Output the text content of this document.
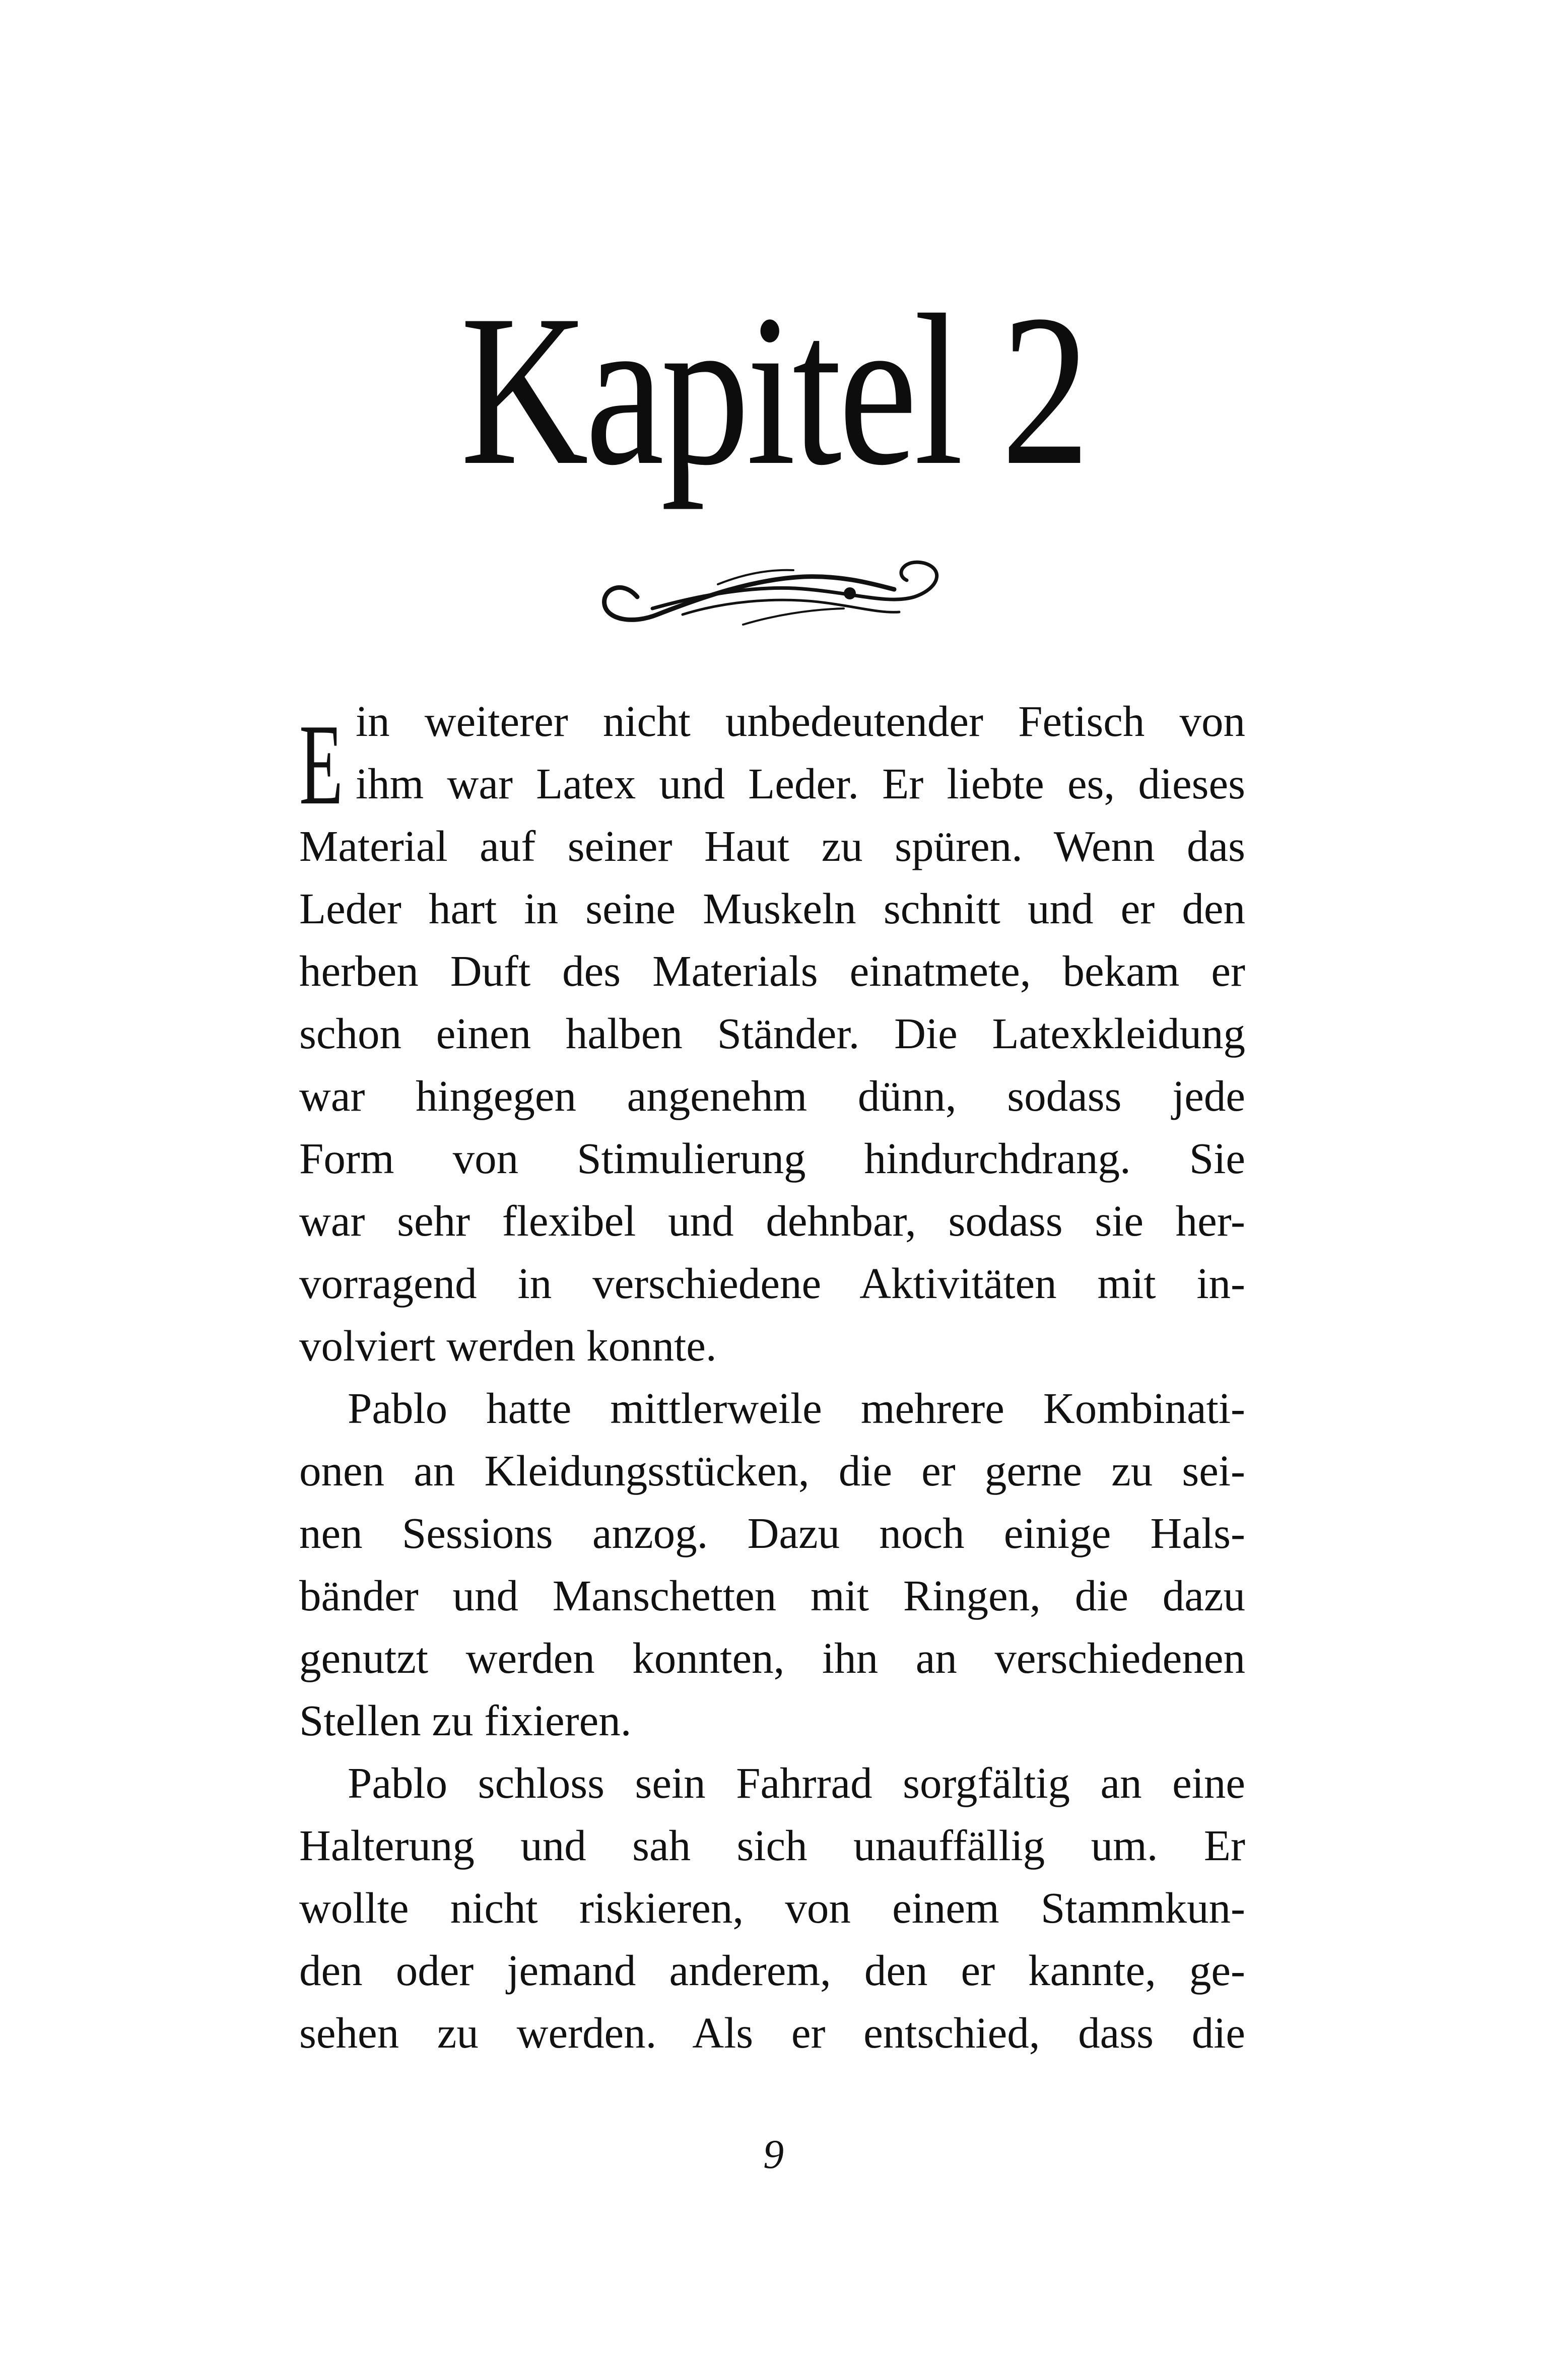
Kapitel 2
E in weiterer nicht unbedeutender Fetisch von
ihm war Latex und Leder. Er liebte es, dieses
Material auf seiner Haut zu spüren. Wenn das
Leder hart in seine Muskeln schnitt und er den
herben Duft des Materials einatmete, bekam er
schon einen halben Ständer. Die Latexkleidung
war hingegen angenehm dünn, sodass jede
Form von Stimulierung hindurchdrang. Sie
war sehr flexibel und dehnbar, sodass sie her-
vorragend in verschiedene Aktivitäten mit in-
volviert werden konnte.
Pablo hatte mittlerweile mehrere Kombinati-
onen an Kleidungsstücken, die er gerne zu sei-
nen Sessions anzog. Dazu noch einige Hals-
bänder und Manschetten mit Ringen, die dazu
genutzt werden konnten, ihn an verschiedenen
Stellen zu fixieren.
Pablo schloss sein Fahrrad sorgfältig an eine
Halterung und sah sich unauffällig um. Er
wollte nicht riskieren, von einem Stammkun-
den oder jemand anderem, den er kannte, ge-
sehen zu werden. Als er entschied, dass die
9
